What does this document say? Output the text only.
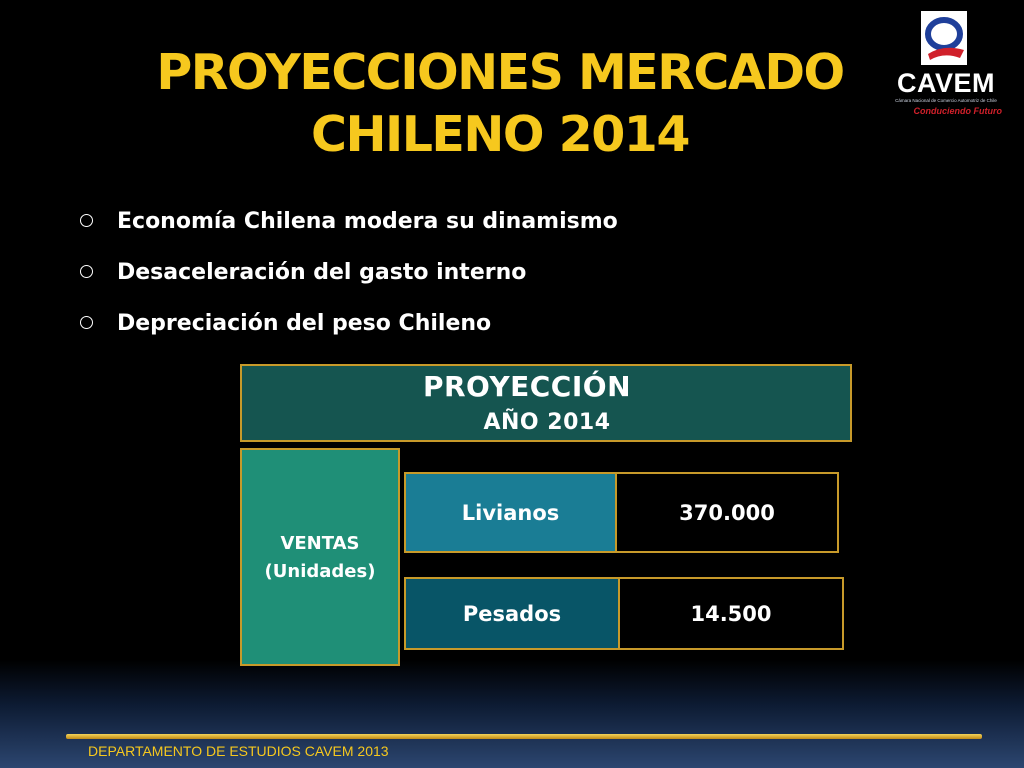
PROYECCIONES MERCADO
CHILENO 2014
CAVEM
Cámara Nacional de Comercio Automotriz de Chile
Conduciendo Futuro
Economía Chilena modera su dinamismo
Desaceleración del gasto interno
Depreciación del peso Chileno
PROYECCIÓN
AÑO 2014
VENTAS
(Unidades)
Livianos	370.000
Pesados	14.500
DEPARTAMENTO DE ESTUDIOS CAVEM 2013
